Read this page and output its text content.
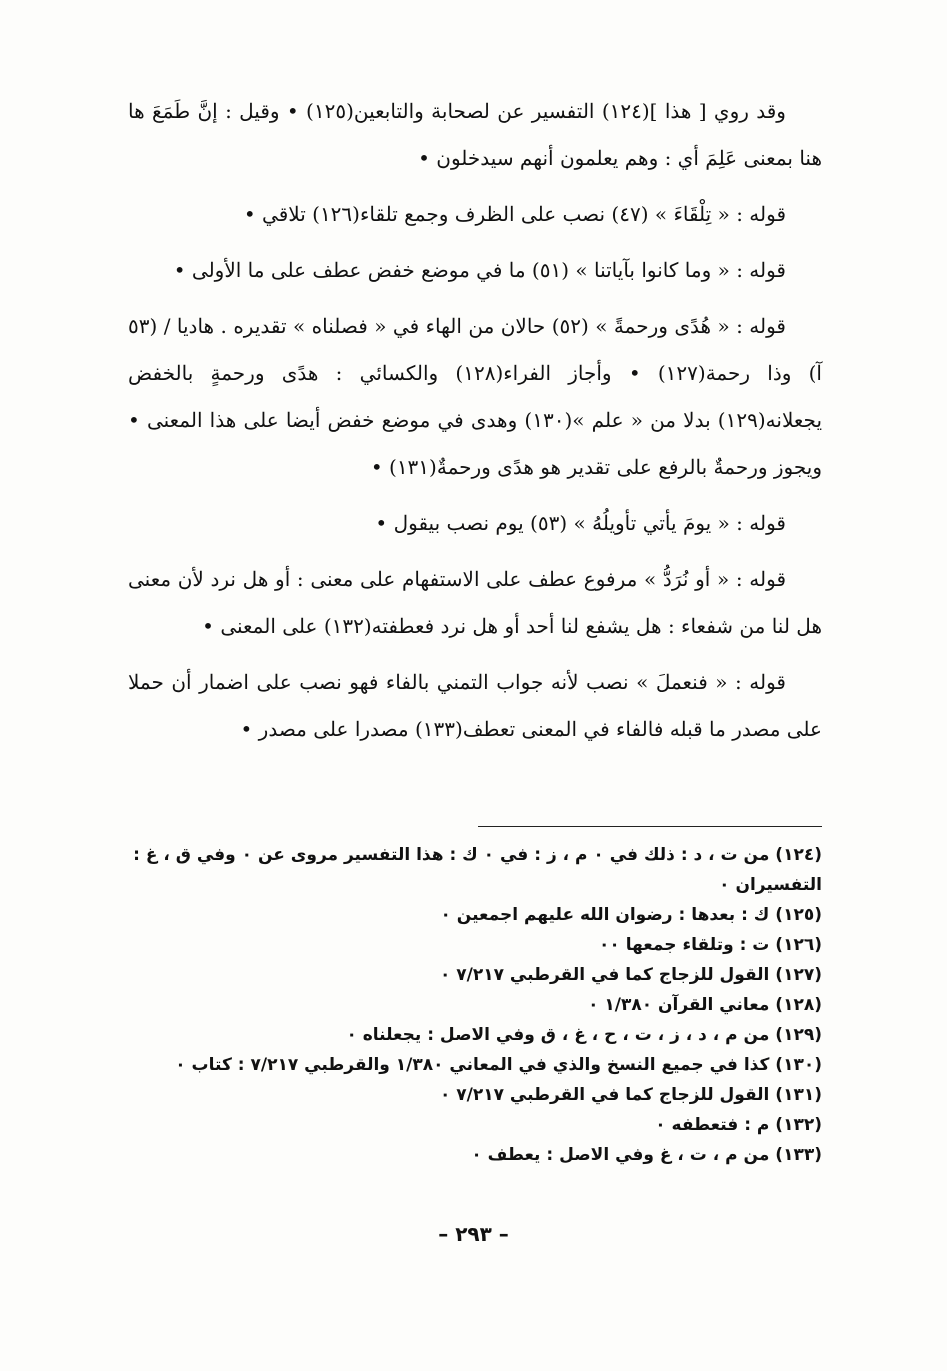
وقد روي [ هذا ](١٢٤) التفسير عن لصحابة والتابعين(١٢٥) • وقيل : إنَّ طَمَعَ ها هنا بمعنى عَلِمَ أي : وهم يعلمون أنهم سيدخلون •

قوله : « تِلْقَاءَ » (٤٧) نصب على الظرف وجمع تلقاء(١٢٦) تلاقي •

قوله : « وما كانوا بآياتنا » (٥١) ما في موضع خفض عطف على ما الأولى •

قوله : « هُدًى ورحمةً » (٥٢) حالان من الهاء في « فصلناه » تقديره . هاديا / (٥٣ آ) وذا رحمة(١٢٧) • وأجاز الفراء(١٢٨) والكسائي : هدًى ورحمةٍ بالخفض يجعلانه(١٢٩) بدلا من « علم »(١٣٠) وهدى في موضع خفض أيضا على هذا المعنى • ويجوز ورحمةٌ بالرفع على تقدير هو هدًى ورحمةٌ(١٣١) •

قوله : « يومَ يأتي تأويلُهُ » (٥٣) يوم نصب بيقول •

قوله : « أو نُرَدُّ » مرفوع عطف على الاستفهام على معنى : أو هل نرد لأن معنى هل لنا من شفعاء : هل يشفع لنا أحد أو هل نرد فعطفته(١٣٢) على المعنى •

قوله : « فنعملَ » نصب لأنه جواب التمني بالفاء فهو نصب على اضمار أن حملا على مصدر ما قبله فالفاء في المعنى تعطف(١٣٣) مصدرا على مصدر •

(١٢٤) من ت ، د : ذلك في ٠ م ، ز : في ٠ ك : هذا التفسير مروى عن ٠ وفي ق ، غ : التفسيران ٠

(١٢٥) ك : بعدها : رضوان الله عليهم اجمعين ٠

(١٢٦) ت : وتلقاء جمعها ٠٠

(١٢٧) القول للزجاج كما في القرطبي ٧/٢١٧ ٠

(١٢٨) معاني القرآن ١/٣٨٠ ٠

(١٢٩) من م ، د ، ز ، ت ، ح ، غ ، ق وفي الاصل : يجعلناه ٠

(١٣٠) كذا في جميع النسخ والذي في المعاني ١/٣٨٠ والقرطبي ٧/٢١٧ : كتاب ٠

(١٣١) القول للزجاج كما في القرطبي ٧/٢١٧ ٠

(١٣٢) م : فتعطفه ٠

(١٣٣) من م ، ت ، غ وفي الاصل : يعطف ٠

– ٢٩٣ –
